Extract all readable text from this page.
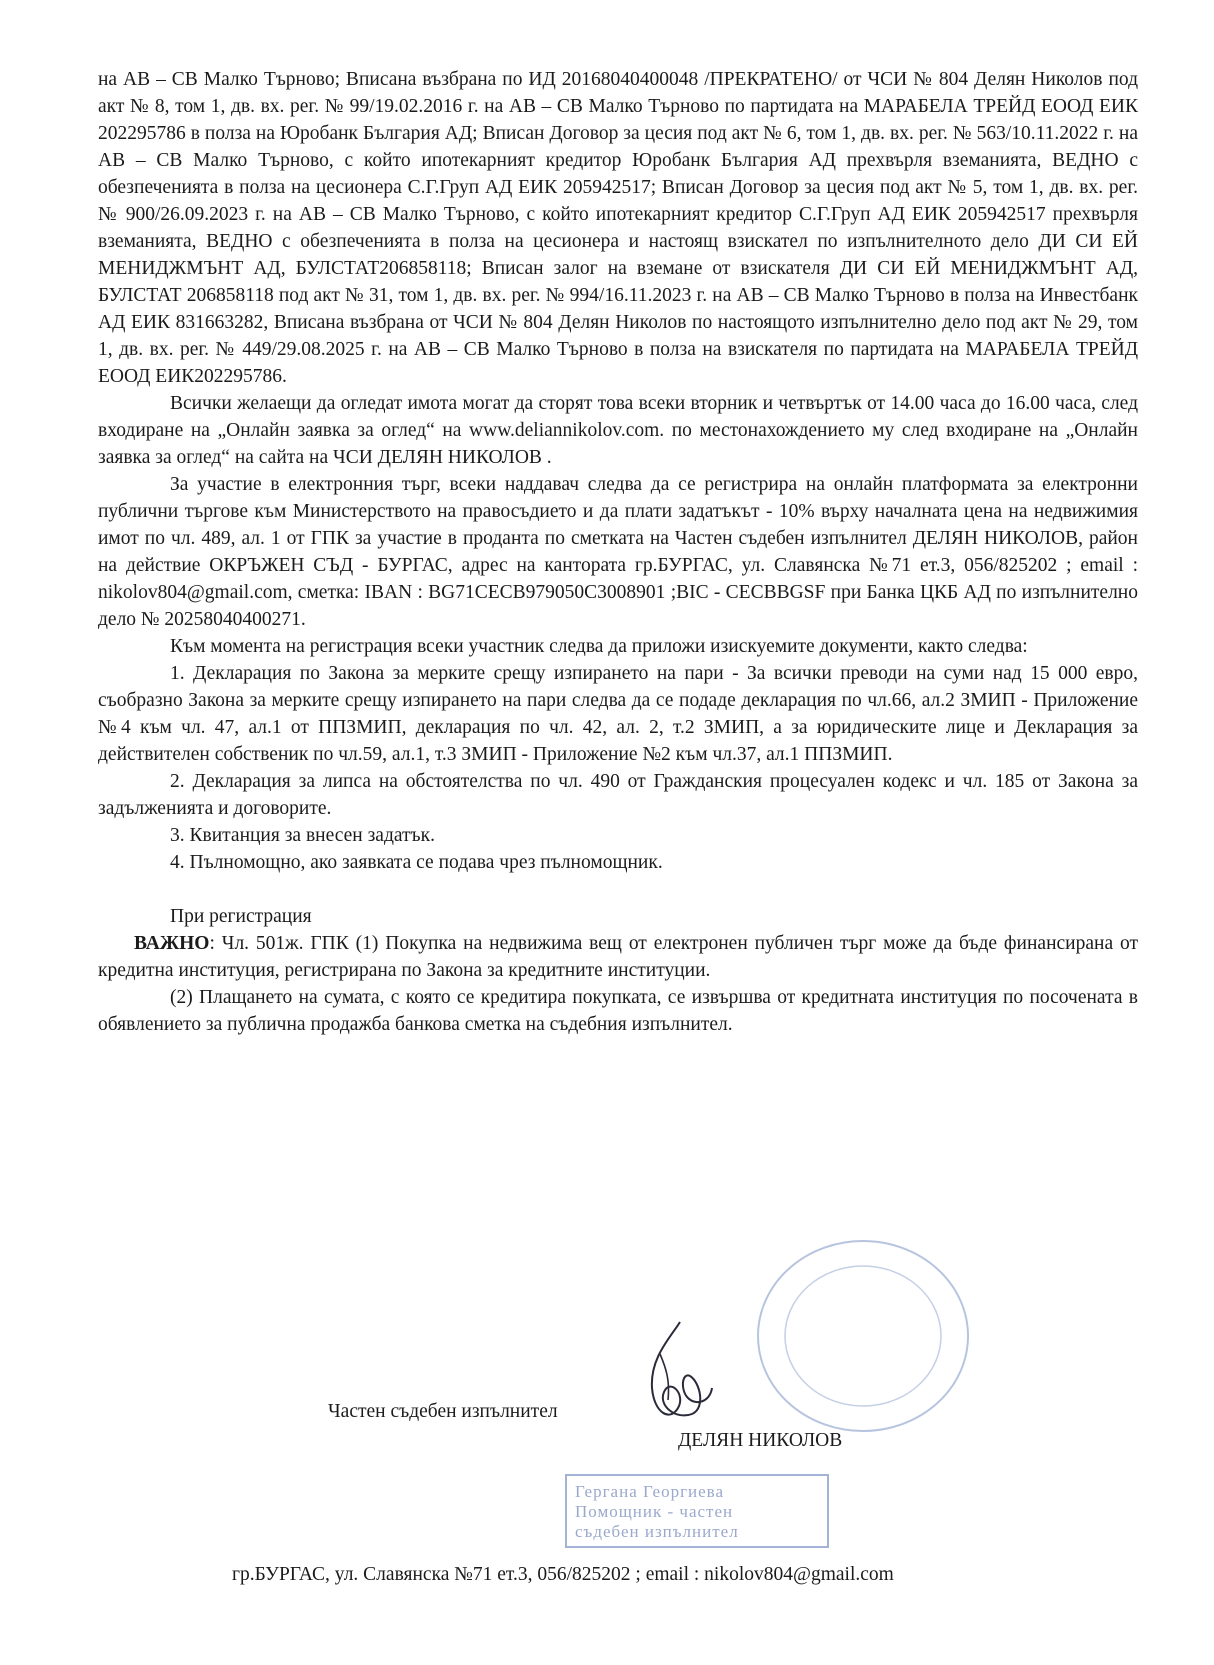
на АВ – СВ Малко Търново; Вписана възбрана по ИД 20168040400048 /ПРЕКРАТЕНО/ от ЧСИ № 804 Делян Николов под акт № 8, том 1, дв. вх. рег. № 99/19.02.2016 г. на АВ – СВ Малко Търново по партидата на МАРАБЕЛА ТРЕЙД ЕООД ЕИК 202295786 в полза на Юробанк България АД; Вписан Договор за цесия под акт № 6, том 1, дв. вх. рег. № 563/10.11.2022 г. на АВ – СВ Малко Търново, с който ипотекарният кредитор Юробанк България АД прехвърля вземанията, ВЕДНО с обезпеченията в полза на цесионера С.Г.Груп АД ЕИК 205942517; Вписан Договор за цесия под акт № 5, том 1, дв. вх. рег. № 900/26.09.2023 г. на АВ – СВ Малко Търново, с който ипотекарният кредитор С.Г.Груп АД ЕИК 205942517 прехвърля вземанията, ВЕДНО с обезпеченията в полза на цесионера и настоящ взискател по изпълнителното дело ДИ СИ ЕЙ МЕНИДЖМЪНТ АД, БУЛСТАТ206858118; Вписан залог на вземане от взискателя ДИ СИ ЕЙ МЕНИДЖМЪНТ АД, БУЛСТАТ 206858118 под акт № 31, том 1, дв. вх. рег. № 994/16.11.2023 г. на АВ – СВ Малко Търново в полза на Инвестбанк АД ЕИК 831663282, Вписана възбрана от ЧСИ № 804 Делян Николов по настоящото изпълнително дело под акт № 29, том 1, дв. вх. рег. № 449/29.08.2025 г. на АВ – СВ Малко Търново в полза на взискателя по партидата на МАРАБЕЛА ТРЕЙД ЕООД ЕИК202295786.

Всички желаещи да огледат имота могат да сторят това всеки вторник и четвъртък от 14.00 часа до 16.00 часа, след входиране на „Онлайн заявка за оглед“ на www.deliannikolov.com. по местонахождението му след входиране на „Онлайн заявка за оглед“ на сайта на ЧСИ ДЕЛЯН НИКОЛОВ .

За участие в електронния търг, всеки наддавач следва да се регистрира на онлайн платформата за електронни публични търгове към Министерството на правосъдието и да плати задатъкът - 10% върху началната цена на недвижимия имот по чл. 489, ал. 1 от ГПК за участие в проданта по сметката на Частен съдебен изпълнител ДЕЛЯН НИКОЛОВ, район на действие ОКРЪЖЕН СЪД - БУРГАС, адрес на кантората гр.БУРГАС, ул. Славянска №71 ет.3, 056/825202 ; email : nikolov804@gmail.com, сметка: IBAN : BG71CECB979050C3008901 ;BIC - CECBBGSF при Банка ЦКБ АД по изпълнително дело № 20258040400271.

Към момента на регистрация всеки участник следва да приложи изискуемите документи, както следва:

1. Декларация по Закона за мерките срещу изпирането на пари - За всички преводи на суми над 15 000 евро, съобразно Закона за мерките срещу изпирането на пари следва да се подаде декларация по чл.66, ал.2 ЗМИП - Приложение №4 към чл. 47, ал.1 от ППЗМИП, декларация по чл. 42, ал. 2, т.2 ЗМИП, а за юридическите лице и Декларация за действителен собственик по чл.59, ал.1, т.3 ЗМИП - Приложение №2 към чл.37, ал.1 ППЗМИП.

2. Декларация за липса на обстоятелства по чл. 490 от Гражданския процесуален кодекс и чл. 185 от Закона за задълженията и договорите.

3. Квитанция за внесен задатък.

4. Пълномощно, ако заявката се подава чрез пълномощник.

При регистрация

ВАЖНО: Чл. 501ж. ГПК (1) Покупка на недвижима вещ от електронен публичен търг може да бъде финансирана от кредитна институция, регистрирана по Закона за кредитните институции.

(2) Плащането на сумата, с която се кредитира покупката, се извършва от кредитната институция по посочената в обявлението за публична продажба банкова сметка на съдебния изпълнител.

Частен съдебен изпълнител
ДЕЛЯН НИКОЛОВ
Гергана Георгиева
Помощник - частен
съдебен изпълнител
гр.БУРГАС, ул. Славянска №71 ет.3, 056/825202 ; email : nikolov804@gmail.com
